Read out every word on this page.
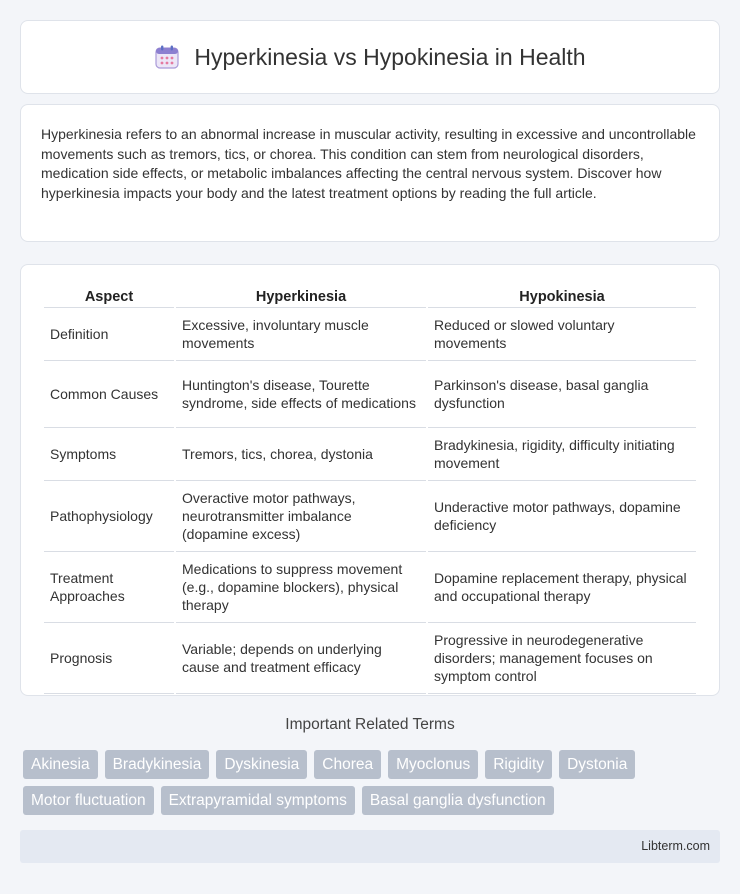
Hyperkinesia vs Hypokinesia in Health

Hyperkinesia refers to an abnormal increase in muscular activity, resulting in excessive and uncontrollable movements such as tremors, tics, or chorea. This condition can stem from neurological disorders, medication side effects, or metabolic imbalances affecting the central nervous system. Discover how hyperkinesia impacts your body and the latest treatment options by reading the full article.

Aspect	Hyperkinesia	Hypokinesia
Definition	Excessive, involuntary muscle movements	Reduced or slowed voluntary movements
Common Causes	Huntington's disease, Tourette syndrome, side effects of medications	Parkinson's disease, basal ganglia dysfunction
Symptoms	Tremors, tics, chorea, dystonia	Bradykinesia, rigidity, difficulty initiating movement
Pathophysiology	Overactive motor pathways, neurotransmitter imbalance (dopamine excess)	Underactive motor pathways, dopamine deficiency
Treatment Approaches	Medications to suppress movement (e.g., dopamine blockers), physical therapy	Dopamine replacement therapy, physical and occupational therapy
Prognosis	Variable; depends on underlying cause and treatment efficacy	Progressive in neurodegenerative disorders; management focuses on symptom control
Important Related Terms
Akinesia	Bradykinesia	Dyskinesia	Chorea	Myoclonus	Rigidity	Dystonia
Motor fluctuation	Extrapyramidal symptoms	Basal ganglia dysfunction
Libterm.com
